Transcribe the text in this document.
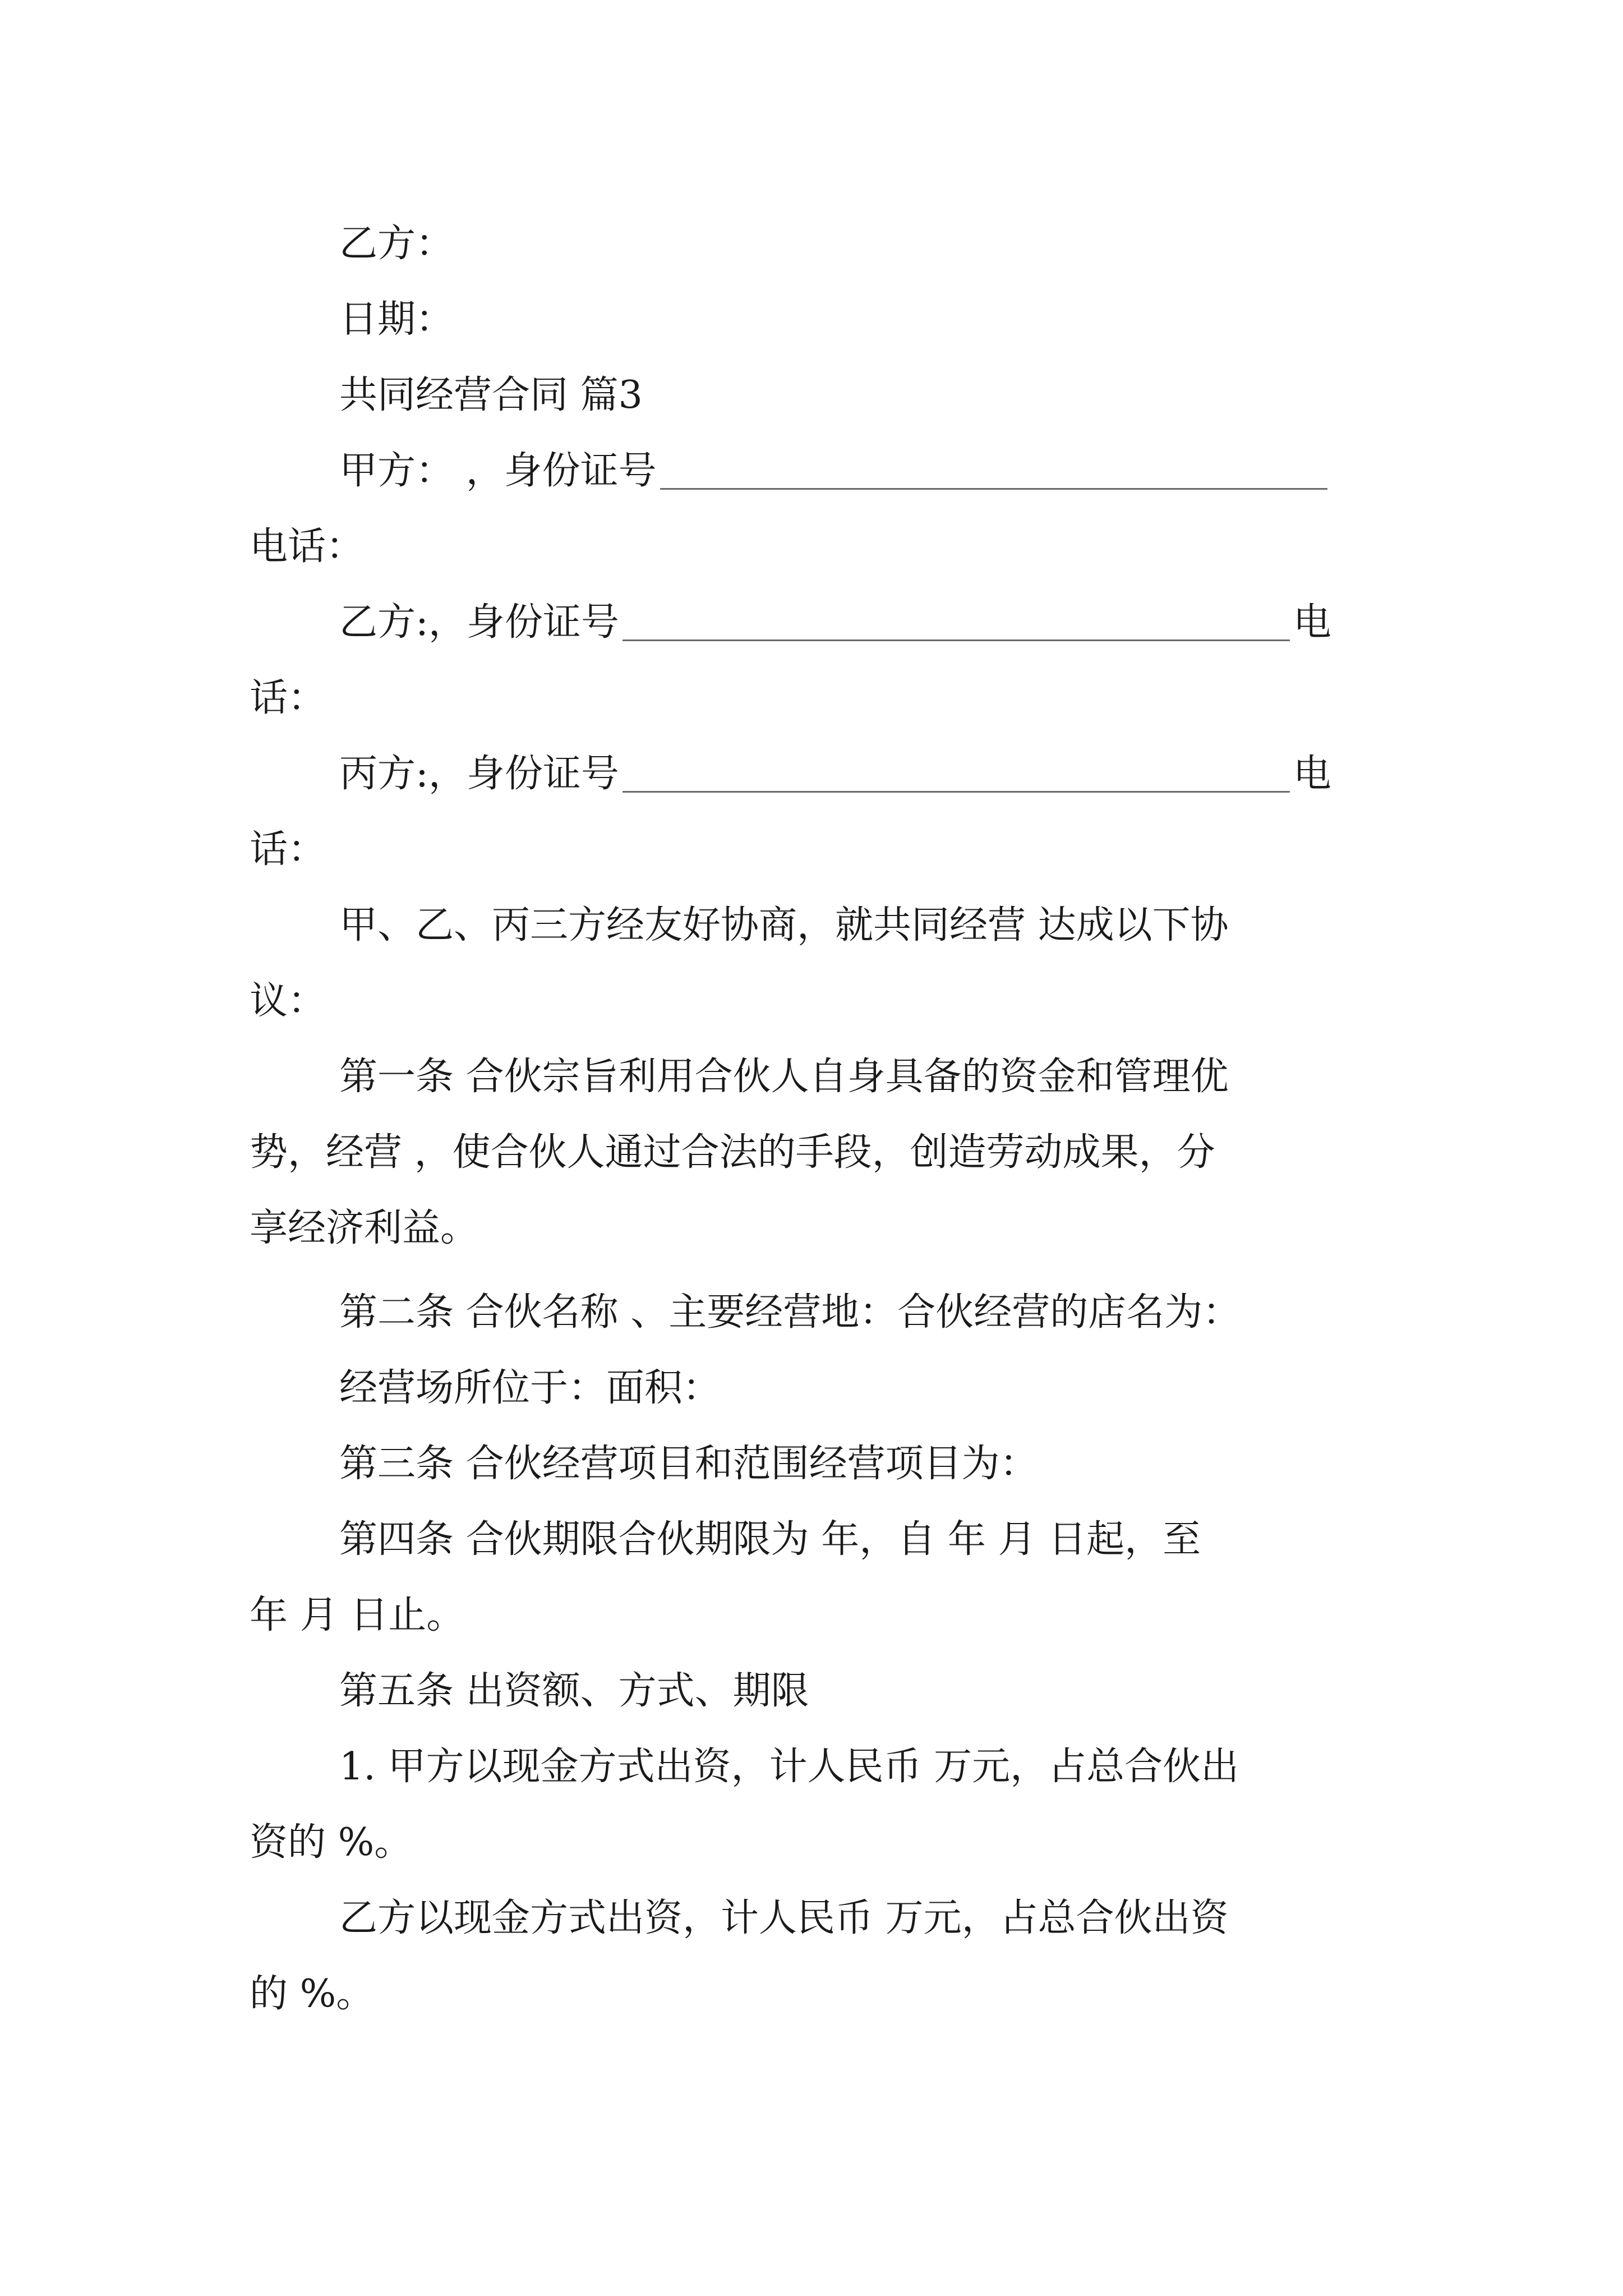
乙方：
日期：
共同经营合同 篇3
甲方： ，身份证号
电话：
乙方:，身份证号	电
话：
丙方:，身份证号	电
话：
甲、乙、丙三方经友好协商，就共同经营 达成以下协
议：
第一条 合伙宗旨利用合伙人自身具备的资金和管理优
势，经营 ，使合伙人通过合法的手段，创造劳动成果，分
享经济利益。
第二条 合伙名称 、主要经营地：合伙经营的店名为：
经营场所位于：面积：
第三条 合伙经营项目和范围经营项目为：
第四条 合伙期限合伙期限为 年，自 年 月 日起，至
年 月 日止。
第五条 出资额、方式、期限
1. 甲方以现金方式出资，计人民币 万元，占总合伙出
资的 %。
乙方以现金方式出资，计人民币 万元，占总合伙出资
的 %。
